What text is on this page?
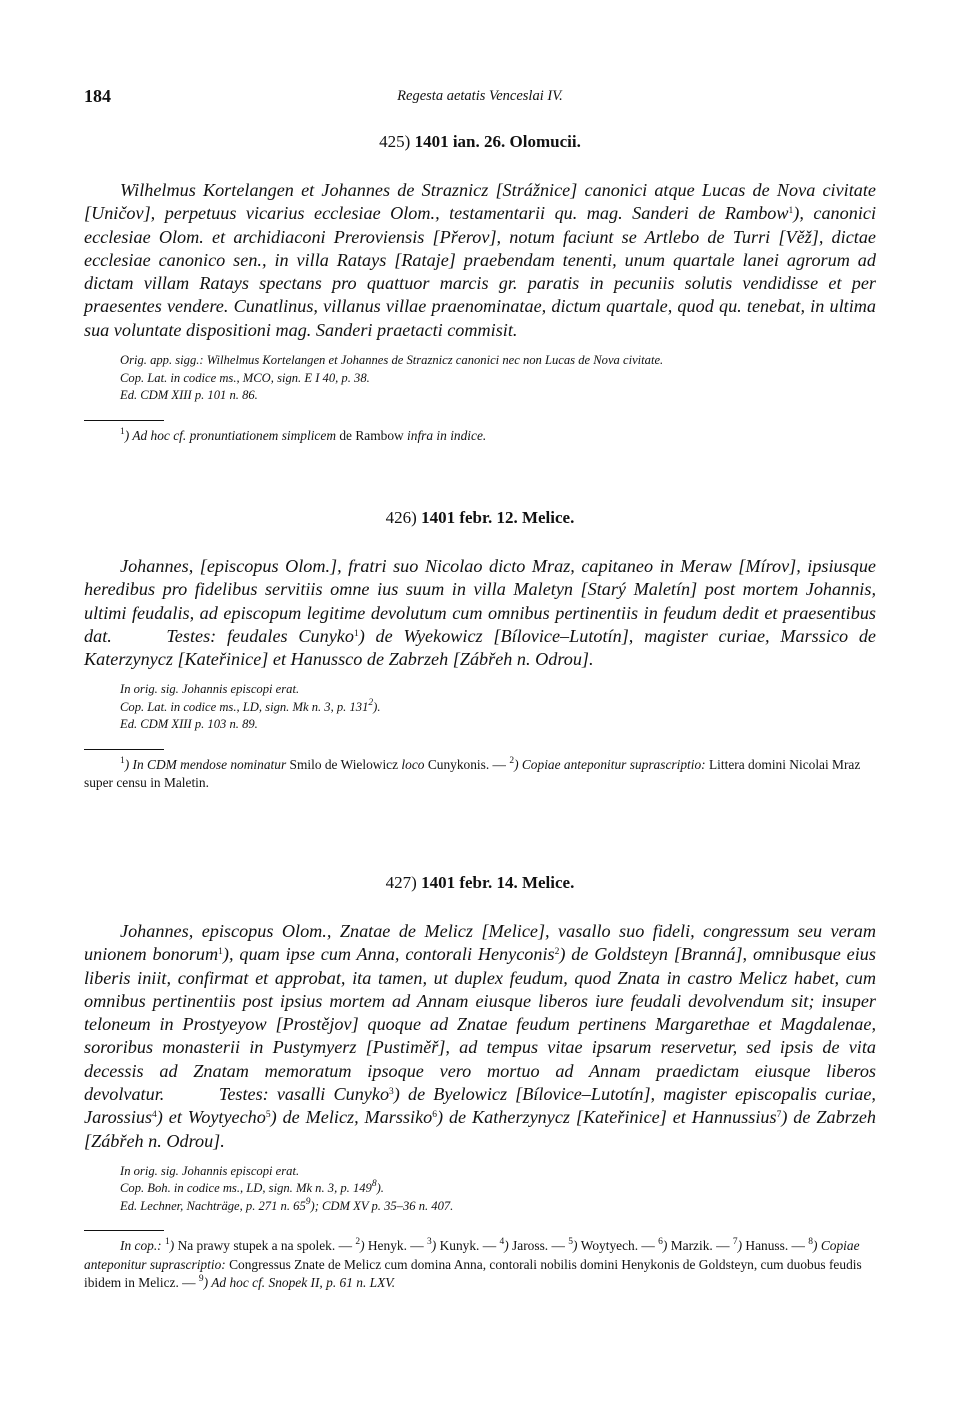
184	Regesta aetatis Venceslai IV.
425) 1401 ian. 26. Olomucii.

Wilhelmus Kortelangen et Johannes de Straznicz [Strážnice] canonici atque Lucas de Nova civitate [Uničov], perpetuus vicarius ecclesiae Olom., testamentarii qu. mag. Sanderi de Rambow$^1$), canonici ecclesiae Olom. et archidiaconi Preroviensis [Přerov], notum faciunt se Artlebo de Turri [Věž], dictae ecclesiae canonico sen., in villa Ratays [Rataje] praebendam tenenti, unum quartale lanei agrorum ad dictam villam Ratays spectans pro quattuor marcis gr. paratis in pecuniis solutis vendidisse et per praesentes vendere. Cunatlinus, villanus villae praenominatae, dictum quartale, quod qu. tenebat, in ultima sua voluntate dispositioni mag. Sanderi praetacti commisit.

Orig. app. sigg.: Wilhelmus Kortelangen et Johannes de Straznicz canonici nec non Lucas de Nova civitate.
Cop. Lat. in codice ms., MCO, sign. E I 40, p. 38.
Ed. CDM XIII p. 101 n. 86.

$^1$) Ad hoc cf. pronuntiationem simplicem de Rambow infra in indice.

426) 1401 febr. 12. Melice.

Johannes, [episcopus Olom.], fratri suo Nicolao dicto Mraz, capitaneo in Meraw [Mírov], ipsiusque heredibus pro fidelibus servitiis omne ius suum in villa Maletyn [Starý Maletín] post mortem Johannis, ultimi feudalis, ad episcopum legitime devolutum cum omnibus pertinentiis in feudum dedit et praesentibus dat.   	Testes: feudales Cunyko$^1$) de Wyekowicz [Bílovice–Lutotín], magister curiae, Marssico de Katerzynycz [Kateřinice] et Hanussco de Zabrzeh [Zábřeh n. Odrou].

In orig. sig. Johannis episcopi erat.
Cop. Lat. in codice ms., LD, sign. Mk n. 3, p. $131^2$).
Ed. CDM XIII p. 103 n. 89.

$^1$) In CDM mendose nominatur Smilo de Wielowicz loco Cunykonis. — $^2$) Copiae anteponitur suprascriptio: Littera domini Nicolai Mraz super censu in Maletin.

427) 1401 febr. 14. Melice.

Johannes, episcopus Olom., Znatae de Melicz [Melice], vasallo suo fideli, congressum seu veram unionem bonorum$^1$), quam ipse cum Anna, contorali Henyconis$^2$) de Goldsteyn [Branná], omnibusque eius liberis iniit, confirmat et approbat, ita tamen, ut duplex feudum, quod Znata in castro Melicz habet, cum omnibus pertinentiis post ipsius mortem ad Annam eiusque liberos iure feudali devolvendum sit; insuper teloneum in Prostyeyow [Prostějov] quoque ad Znatae feudum pertinens Margarethae et Magdalenae, sororibus monasterii in Pustymyerz [Pustiměř], ad tempus vitae ipsarum reservetur, sed ipsis de vita decessis ad Znatam memoratum ipsoque vero mortuo ad Annam praedictam eiusque liberos devolvatur.   	Testes: vasalli Cunyko$^3$) de Byelowicz [Bílovice–Lutotín], magister episcopalis curiae, Jarossius$^4$) et Woytyecho$^5$) de Melicz, Marssiko$^6$) de Katherzynycz [Kateřinice] et Hannussius$^7$) de Zabrzeh [Zábřeh n. Odrou].

In orig. sig. Johannis episcopi erat.
Cop. Boh. in codice ms., LD, sign. Mk n. 3, p. $149^8$).
Ed. Lechner, Nachträge, p. 271 n. $65^9$); CDM XV p. 35–36 n. 407.

In cop.: $^1$) Na prawy stupek a na spolek. — $^2$) Henyk. — $^3$) Kunyk. — $^4$) Jaross. — $^5$) Woytyech. — $^6$) Marzik. — $^7$) Hanuss. — $^8$) Copiae anteponitur suprascriptio: Congressus Znate de Melicz cum domina Anna, contorali nobilis domini Henykonis de Goldsteyn, cum duobus feudis ibidem in Melicz. — $^9$) Ad hoc cf. Snopek II, p. 61 n. LXV.
